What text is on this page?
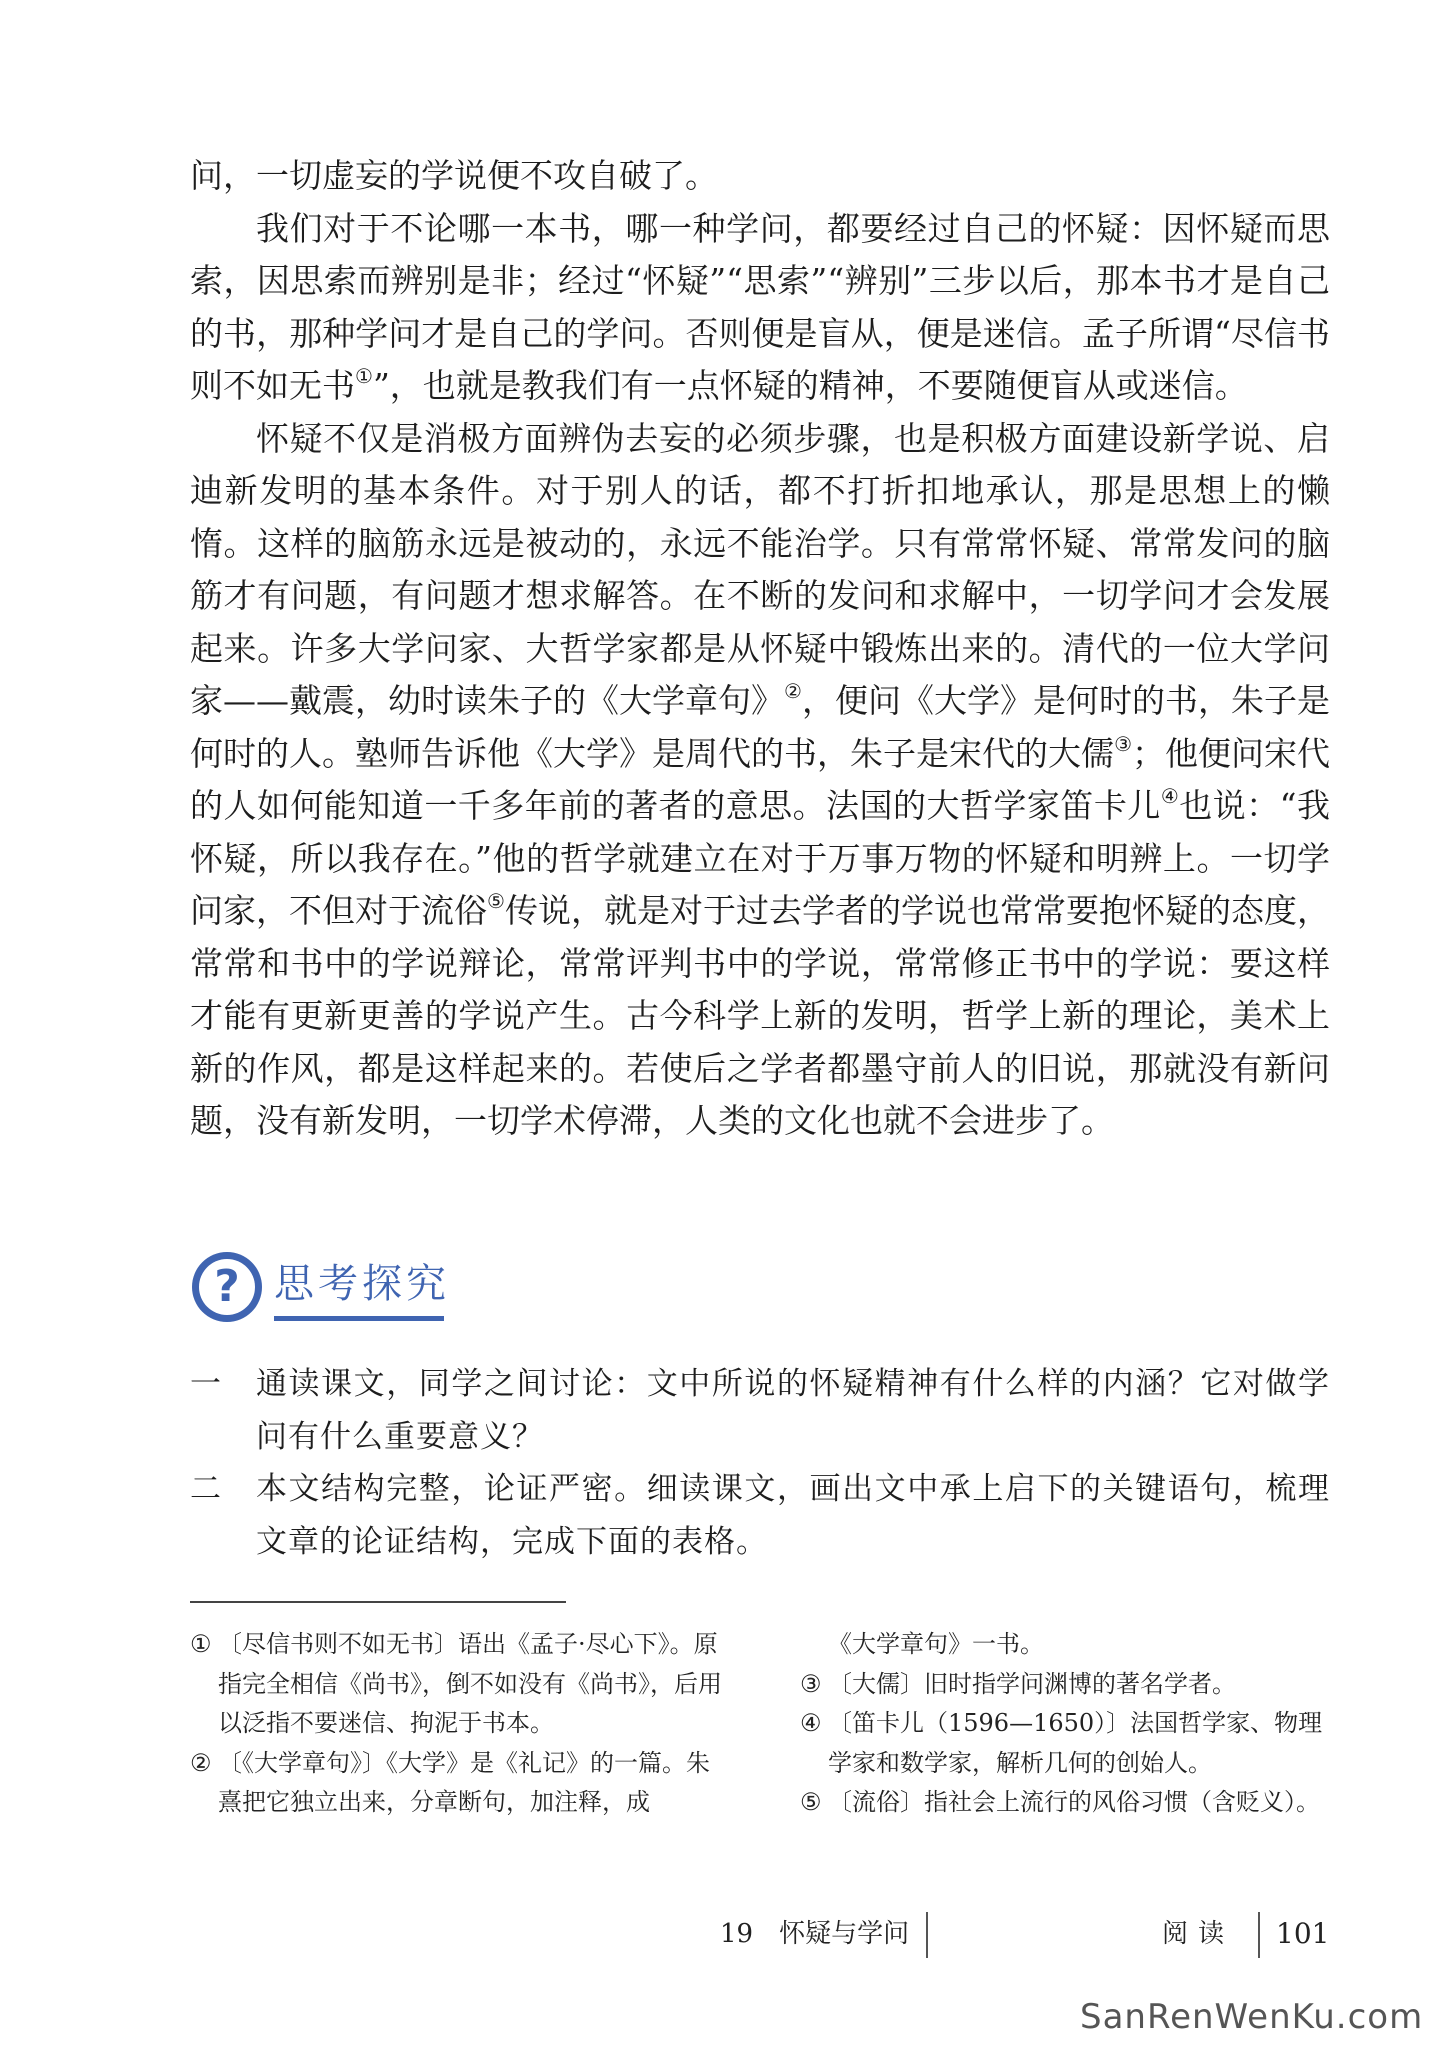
问，一切虚妄的学说便不攻自破了。

我们对于不论哪一本书，哪一种学问，都要经过自己的怀疑：因怀疑而思索，因思索而辨别是非；经过“怀疑”“思索”“辨别”三步以后，那本书才是自己的书，那种学问才是自己的学问。否则便是盲从，便是迷信。孟子所谓“尽信书则不如无书①”，也就是教我们有一点怀疑的精神，不要随便盲从或迷信。

怀疑不仅是消极方面辨伪去妄的必须步骤，也是积极方面建设新学说、启迪新发明的基本条件。对于别人的话，都不打折扣地承认，那是思想上的懒惰。这样的脑筋永远是被动的，永远不能治学。只有常常怀疑、常常发问的脑筋才有问题，有问题才想求解答。在不断的发问和求解中，一切学问才会发展起来。许多大学问家、大哲学家都是从怀疑中锻炼出来的。清代的一位大学问家——戴震，幼时读朱子的《大学章句》②，便问《大学》是何时的书，朱子是何时的人。塾师告诉他《大学》是周代的书，朱子是宋代的大儒③；他便问宋代的人如何能知道一千多年前的著者的意思。法国的大哲学家笛卡儿④也说：“我怀疑，所以我存在。”他的哲学就建立在对于万事万物的怀疑和明辨上。一切学问家，不但对于流俗⑤传说，就是对于过去学者的学说也常常要抱怀疑的态度，常常和书中的学说辩论，常常评判书中的学说，常常修正书中的学说：要这样才能有更新更善的学说产生。古今科学上新的发明，哲学上新的理论，美术上新的作风，都是这样起来的。若使后之学者都墨守前人的旧说，那就没有新问题，没有新发明，一切学术停滞，人类的文化也就不会进步了。

? 思考探究
一 通读课文，同学之间讨论：文中所说的怀疑精神有什么样的内涵？它对做学问有什么重要意义？
二 本文结构完整，论证严密。细读课文，画出文中承上启下的关键语句，梳理文章的论证结构，完成下面的表格。
① 〔尽信书则不如无书〕语出《孟子·尽心下》。原指完全相信《尚书》，倒不如没有《尚书》，后用以泛指不要迷信、拘泥于书本。
② 〔《大学章句》〕《大学》是《礼记》的一篇。朱熹把它独立出来，分章断句，加注释，成
《大学章句》一书。
③ 〔大儒〕旧时指学问渊博的著名学者。
④ 〔笛卡儿（1596—1650）〕法国哲学家、物理学家和数学家，解析几何的创始人。
⑤ 〔流俗〕指社会上流行的风俗习惯（含贬义）。
19　怀疑与学问	阅读 101
SanRenWenKu.com
